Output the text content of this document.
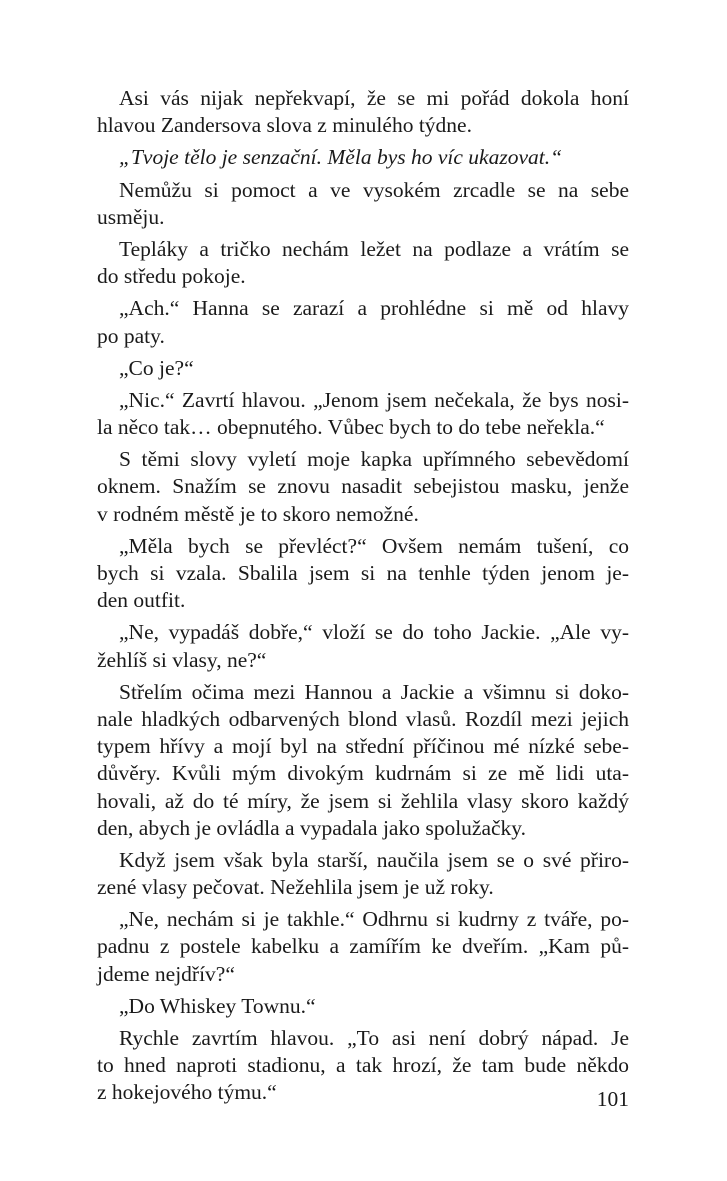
Asi vás nijak nepřekvapí, že se mi pořád dokola honí
hlavou Zandersova slova z minulého týdne.
„Tvoje tělo je senzační. Měla bys ho víc ukazovat.“
Nemůžu si pomoct a ve vysokém zrcadle se na sebe
usměju.
Tepláky a tričko nechám ležet na podlaze a vrátím se
do středu pokoje.
„Ach.“ Hanna se zarazí a prohlédne si mě od hlavy
po paty.
„Co je?“
„Nic.“ Zavrtí hlavou. „Jenom jsem nečekala, že bys nosi-
la něco tak… obepnutého. Vůbec bych to do tebe neřekla.“
S těmi slovy vyletí moje kapka upřímného sebevědomí
oknem. Snažím se znovu nasadit sebejistou masku, jenže
v rodném městě je to skoro nemožné.
„Měla bych se převléct?“ Ovšem nemám tušení, co
bych si vzala. Sbalila jsem si na tenhle týden jenom je-
den outfit.
„Ne, vypadáš dobře,“ vloží se do toho Jackie. „Ale vy-
žehlíš si vlasy, ne?“
Střelím očima mezi Hannou a Jackie a všimnu si doko-
nale hladkých odbarvených blond vlasů. Rozdíl mezi jejich
typem hřívy a mojí byl na střední příčinou mé nízké sebe-
důvěry. Kvůli mým divokým kudrnám si ze mě lidi uta-
hovali, až do té míry, že jsem si žehlila vlasy skoro každý
den, abych je ovládla a vypadala jako spolužačky.
Když jsem však byla starší, naučila jsem se o své přiro-
zené vlasy pečovat. Nežehlila jsem je už roky.
„Ne, nechám si je takhle.“ Odhrnu si kudrny z tváře, po-
padnu z postele kabelku a zamířím ke dveřím. „Kam pů-
jdeme nejdřív?“
„Do Whiskey Townu.“
Rychle zavrtím hlavou. „To asi není dobrý nápad. Je
to hned naproti stadionu, a tak hrozí, že tam bude někdo
z hokejového týmu.“	101
